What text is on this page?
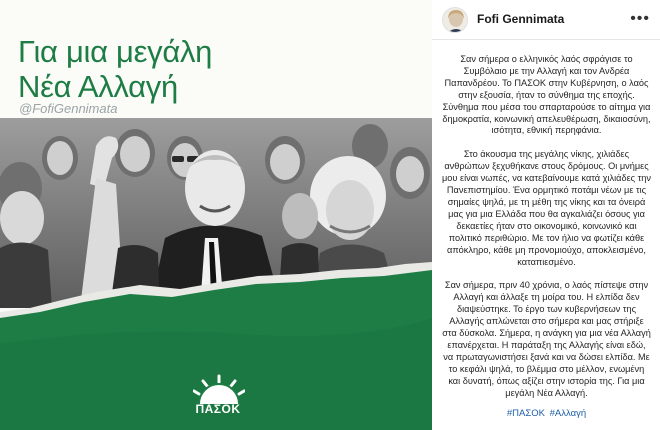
Για μια μεγάλη
Νέα Αλλαγή
@FofiGennimata
ΠΑΣΟΚ
Fofi Gennimata	•••

Σαν σήμερα ο ελληνικός λαός σφράγισε το Συμβόλαιο με την Αλλαγή και τον Ανδρέα Παπανδρέου. Το ΠΑΣΟΚ στην Κυβέρνηση, ο λαός στην εξουσία, ήταν το σύνθημα της εποχής. Σύνθημα που μέσα του σπαρταρούσε το αίτημα για δημοκρατία, κοινωνική απελευθέρωση, δικαιοσύνη, ισότητα, εθνική περηφάνια.

Στο άκουσμα της μεγάλης νίκης, χιλιάδες ανθρώπων ξεχυθήκανε στους δρόμους. Οι μνήμες μου είναι νωπές, να κατεβαίνουμε κατά χιλιάδες την Πανεπιστημίου. Ένα ορμητικό ποτάμι νέων με τις σημαίες ψηλά, με τη μέθη της νίκης και τα όνειρά μας για μια Ελλάδα που θα αγκαλιάζει όσους για δεκαετίες ήταν στο οικονομικό, κοινωνικό και πολιτικό περιθώριο. Με τον ήλιο να φωτίζει κάθε απόκληρο, κάθε μη προνομιούχο, αποκλεισμένο, καταπιεσμένο.

Σαν σήμερα, πριν 40 χρόνια, ο λαός πίστεψε στην Αλλαγή και άλλαξε τη μοίρα του. Η ελπίδα δεν διαψεύστηκε. Το έργο των κυβερνήσεων της Αλλαγής απλώνεται στο σήμερα και μας στήριξε στα δύσκολα. Σήμερα, η ανάγκη για μια νέα Αλλαγή επανέρχεται. Η παράταξη της Αλλαγής είναι εδώ, να πρωταγωνιστήσει ξανά και να δώσει ελπίδα. Με το κεφάλι ψηλά, το βλέμμα στο μέλλον, ενωμένη και δυνατή, όπως αξίζει στην ιστορία της. Για μια μεγάλη Νέα Αλλαγή.

#ΠΑΣΟΚ #Αλλαγή
